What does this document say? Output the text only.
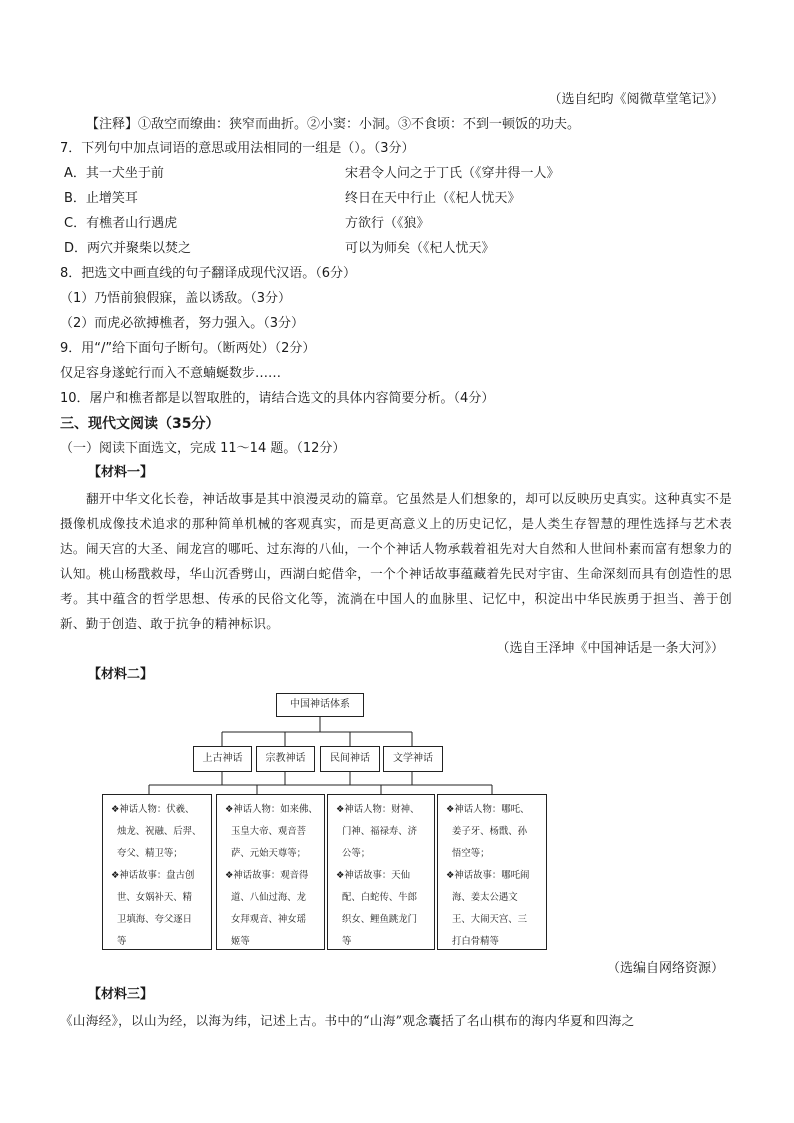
（选自纪昀《阅微草堂笔记》）
【注释】①敌空而缭曲：狭窄而曲折。②小窦：小洞。③不食顷：不到一顿饭的功夫。
7．下列句中加点词语的意思或用法相同的一组是（）。（3分）
A．其一犬坐于前	宋君令人问之于丁氏（《穿井得一人》
B．止增笑耳	终日在天中行止（《杞人忧天》
C．有樵者山行遇虎	方欲行（《狼》
D．两穴并聚柴以焚之	可以为师矣（《杞人忧天》
8．把选文中画直线的句子翻译成现代汉语。（6分）
（1）乃悟前狼假寐，盖以诱敌。（3分）
（2）而虎必欲搏樵者，努力强入。（3分）
9．用“/”给下面句子断句。（断两处）（2分）
仅足容身遂蛇行而入不意蝻蜒数步……
10．屠户和樵者都是以智取胜的，请结合选文的具体内容简要分析。（4分）
三、现代文阅读（35分）
（一）阅读下面选文，完成 11～14 题。（12分）
【材料一】

翻开中华文化长卷，神话故事是其中浪漫灵动的篇章。它虽然是人们想象的，却可以反映历史真实。这种真实不是摄像机成像技术追求的那种简单机械的客观真实，而是更高意义上的历史记忆，是人类生存智慧的理性选择与艺术表达。闹天宫的大圣、闹龙宫的哪吒、过东海的八仙，一个个神话人物承载着祖先对大自然和人世间朴素而富有想象力的认知。桃山杨戬救母，华山沉香劈山，西湖白蛇借伞，一个个神话故事蕴藏着先民对宇宙、生命深刻而具有创造性的思考。其中蕴含的哲学思想、传承的民俗文化等，流淌在中国人的血脉里、记忆中，积淀出中华民族勇于担当、善于创新、勤于创造、敢于抗争的精神标识。

（选自王泽坤《中国神话是一条大河》）
【材料二】
中国神话体系
上古神话	宗教神话	民间神话	文学神话
❖神话人物：伏羲、
烛龙、祝融、后羿、
夸父、精卫等；
❖神话故事：盘古创
世、女娲补天、精
卫填海、夸父逐日
等
❖神话人物：如来佛、
玉皇大帝、观音菩
萨、元始天尊等；
❖神话故事：观音得
道、八仙过海、龙
女拜观音、神女瑶
姬等
❖神话人物：财神、
门神、福禄寿、济
公等；
❖神话故事：天仙
配、白蛇传、牛郎
织女、鲤鱼跳龙门
等
❖神话人物：哪吒、
姜子牙、杨戬、孙
悟空等；
❖神话故事：哪吒闹
海、姜太公遇文
王、大闹天宫、三
打白骨精等
（选编自网络资源）
【材料三】
《山海经》，以山为经，以海为纬，记述上古。书中的“山海”观念囊括了名山棋布的海内华夏和四海之
